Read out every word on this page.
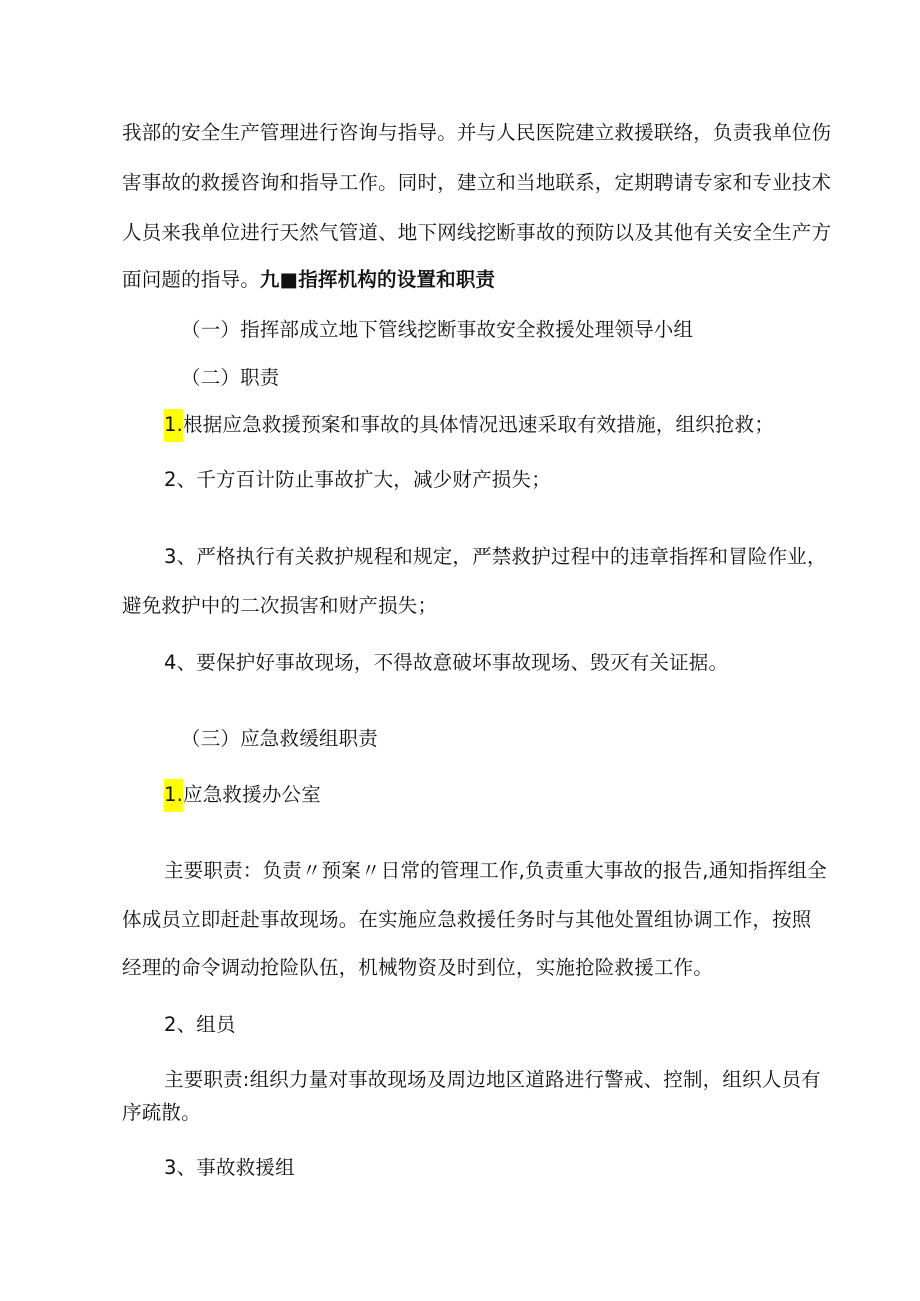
我部的安全生产管理进行咨询与指导。并与人民医院建立救援联络，负责我单位伤

害事故的救援咨询和指导工作。同时，建立和当地联系，定期聘请专家和专业技术

人员来我单位进行天然气管道、地下网线挖断事故的预防以及其他有关安全生产方

面问题的指导。九■指挥机构的设置和职责

（一）指挥部成立地下管线挖断事故安全救援处理领导小组

（二）职责

1.根据应急救援预案和事故的具体情况迅速采取有效措施，组织抢救；

2、千方百计防止事故扩大，减少财产损失；

3、严格执行有关救护规程和规定，严禁救护过程中的违章指挥和冒险作业，

避免救护中的二次损害和财产损失；

4、要保护好事故现场，不得故意破坏事故现场、毁灭有关证据。

（三）应急救缓组职责

1.应急救援办公室

主要职责：负责〃预案〃日常的管理工作,负责重大事故的报告,通知指挥组全

体成员立即赶赴事故现场。在实施应急救援任务时与其他处置组协调工作，按照

经理的命令调动抢险队伍，机械物资及时到位，实施抢险救援工作。

2、组员

主要职责:组织力量对事故现场及周边地区道路进行警戒、控制，组织人员有

序疏散。

3、事故救援组
